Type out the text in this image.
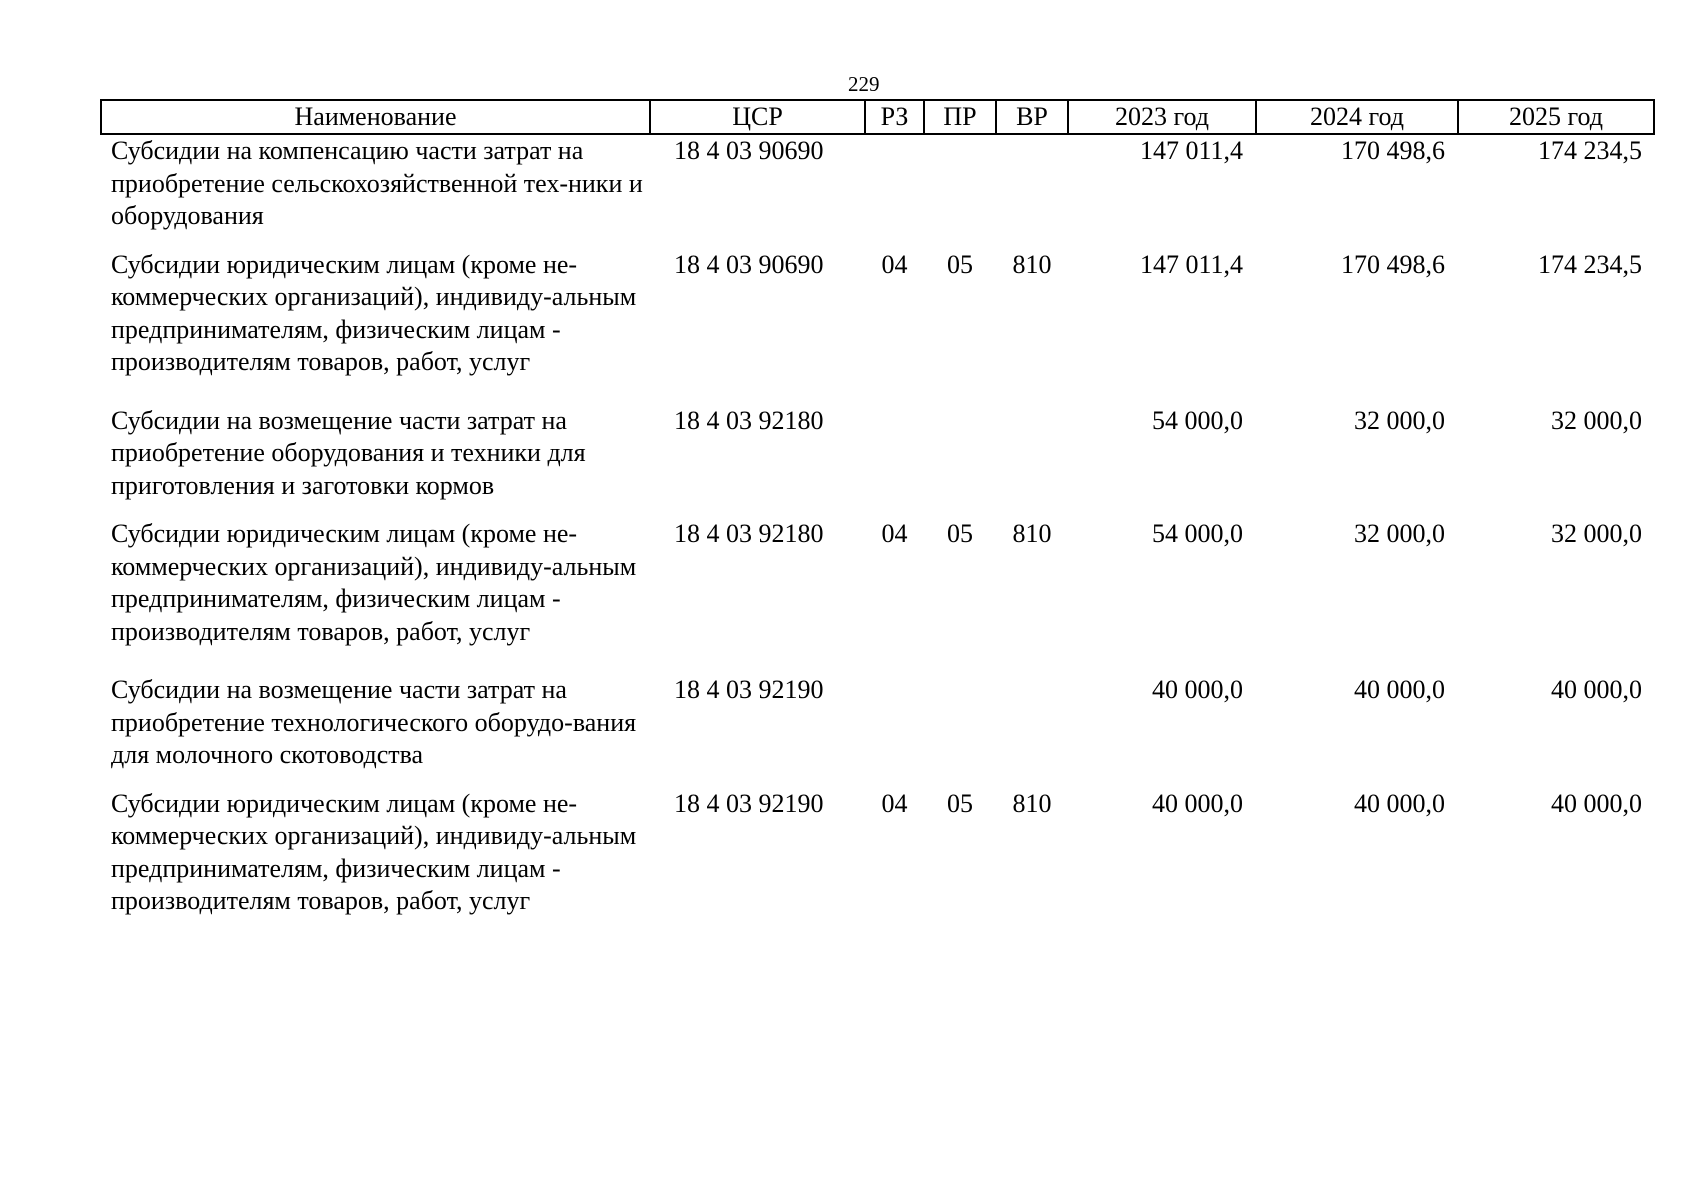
229
Наименование	ЦСР	РЗ	ПР	ВР	2023 год	2024 год	2025 год
Субсидии на компенсацию части затрат на приобретение сельскохозяйственной тех-ники и оборудования	18 4 03 90690				147 011,4	170 498,6	174 234,5
Субсидии юридическим лицам (кроме не-коммерческих организаций), индивиду-альным предпринимателям, физическим лицам - производителям товаров, работ, услуг	18 4 03 90690	04	05	810	147 011,4	170 498,6	174 234,5
Субсидии на возмещение части затрат на приобретение оборудования и техники для приготовления и заготовки кормов	18 4 03 92180				54 000,0	32 000,0	32 000,0
Субсидии юридическим лицам (кроме не-коммерческих организаций), индивиду-альным предпринимателям, физическим лицам - производителям товаров, работ, услуг	18 4 03 92180	04	05	810	54 000,0	32 000,0	32 000,0
Субсидии на возмещение части затрат на приобретение технологического оборудо-вания для молочного скотоводства	18 4 03 92190				40 000,0	40 000,0	40 000,0
Субсидии юридическим лицам (кроме не-коммерческих организаций), индивиду-альным предпринимателям, физическим лицам - производителям товаров, работ, услуг	18 4 03 92190	04	05	810	40 000,0	40 000,0	40 000,0
